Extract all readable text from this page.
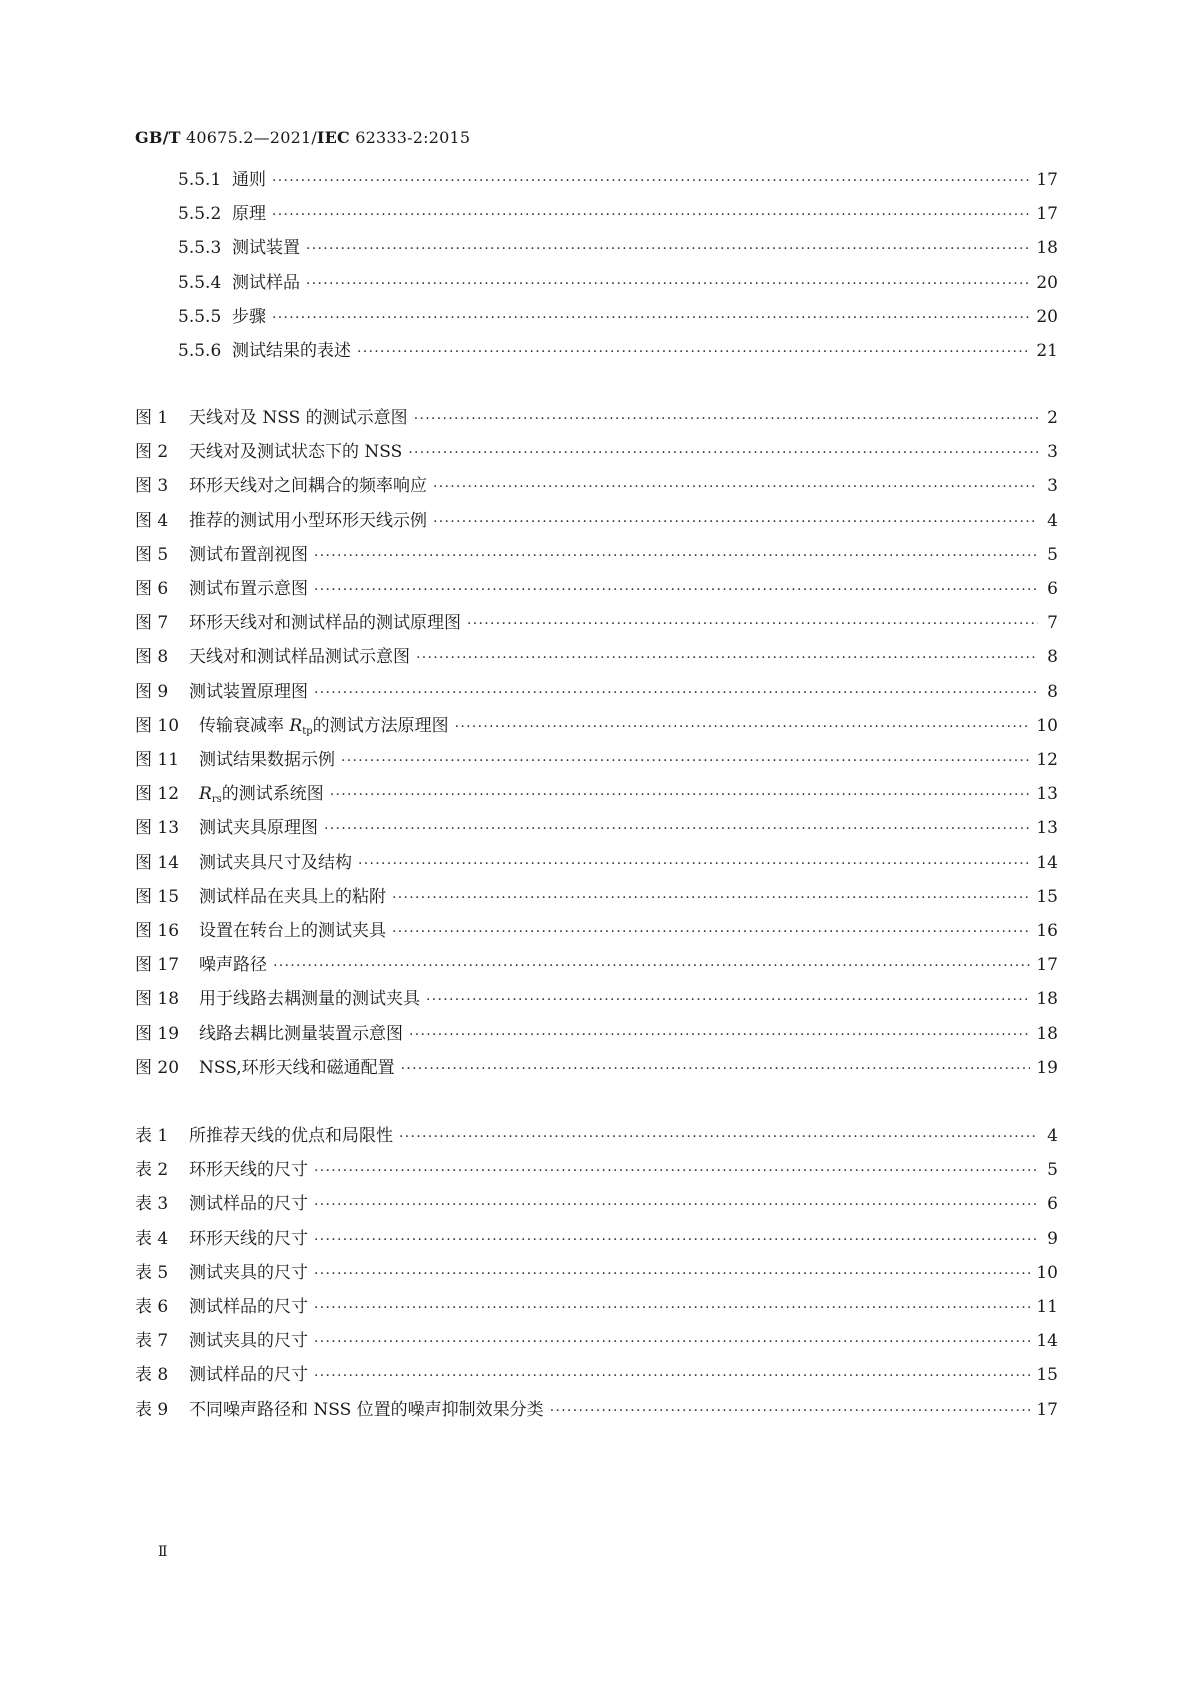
GB/T 40675.2—2021/IEC 62333-2:2015
5.5.1 通则 ·····	17
5.5.2 原理 ·····	17
5.5.3 测试装置 ·····	18
5.5.4 测试样品 ·····	20
5.5.5 步骤 ·····	20
5.5.6 测试结果的表述 ·····	21
图 1	天线对及 NSS 的测试示意图 ·····	2
图 2	天线对及测试状态下的 NSS ·····	3
图 3	环形天线对之间耦合的频率响应 ·····	3
图 4	推荐的测试用小型环形天线示例 ·····	4
图 5	测试布置剖视图 ·····	5
图 6	测试布置示意图 ·····	6
图 7	环形天线对和测试样品的测试原理图 ·····	7
图 8	天线对和测试样品测试示意图 ·····	8
图 9	测试装置原理图 ·····	8
图 10	传输衰减率 $R_{tp}$的测试方法原理图 ·····	10
图 11	测试结果数据示例 ·····	12
图 12	$R_{rs}$的测试系统图 ·····	13
图 13	测试夹具原理图 ·····	13
图 14	测试夹具尺寸及结构 ·····	14
图 15	测试样品在夹具上的粘附 ·····	15
图 16	设置在转台上的测试夹具 ·····	16
图 17	噪声路径 ·····	17
图 18	用于线路去耦测量的测试夹具 ·····	18
图 19	线路去耦比测量装置示意图 ·····	18
图 20	NSS,环形天线和磁通配置 ·····	19
表 1	所推荐天线的优点和局限性 ·····	4
表 2	环形天线的尺寸 ·····	5
表 3	测试样品的尺寸 ·····	6
表 4	环形天线的尺寸 ·····	9
表 5	测试夹具的尺寸 ·····	10
表 6	测试样品的尺寸 ·····	11
表 7	测试夹具的尺寸 ·····	14
表 8	测试样品的尺寸 ·····	15
表 9	不同噪声路径和 NSS 位置的噪声抑制效果分类 ·····	17
Ⅱ
